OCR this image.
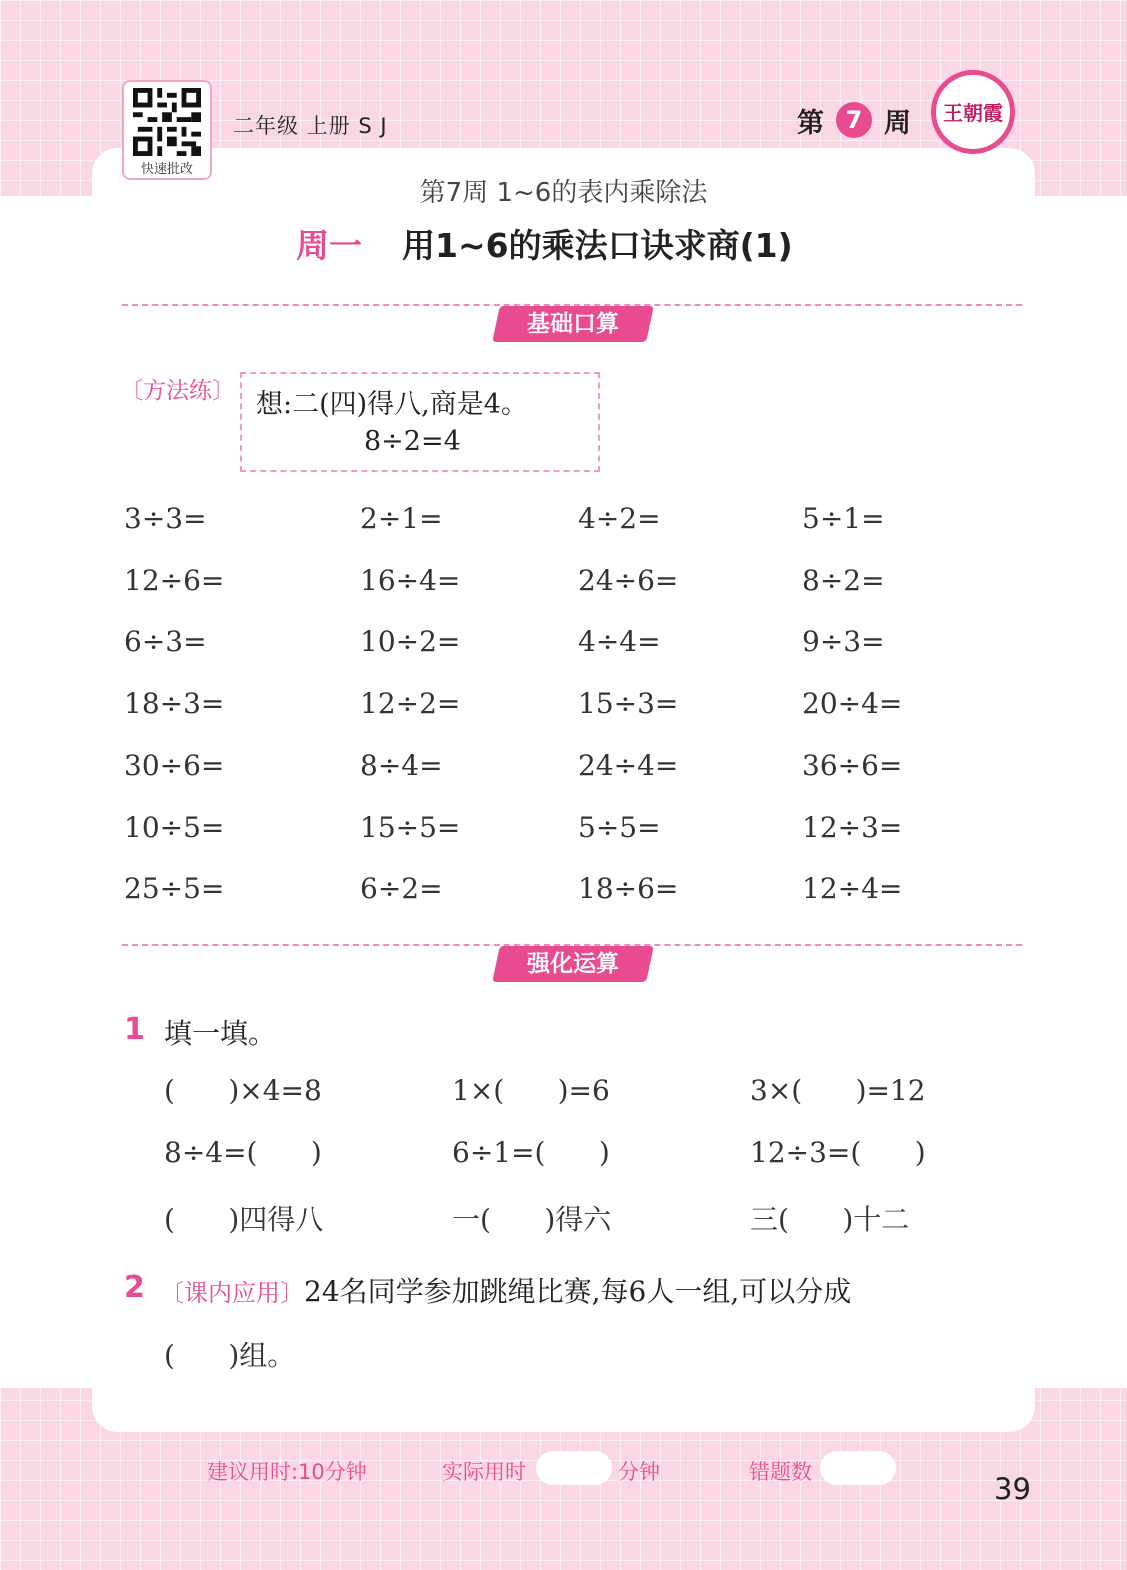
快速批改
二年级 上册 S J	第 7 周	王朝霞
第7周 1~6的表内乘除法
周一 用1~6的乘法口诀求商(1)
基础口算
〔方法练〕 想:二(四)得八,商是4。
8÷2=4
3÷3=	2÷1=	4÷2=	5÷1=
12÷6=	16÷4=	24÷6=	8÷2=
6÷3=	10÷2=	4÷4=	9÷3=
18÷3=	12÷2=	15÷3=	20÷4=
30÷6=	8÷4=	24÷4=	36÷6=
10÷5=	15÷5=	5÷5=	12÷3=
25÷5=	6÷2=	18÷6=	12÷4=
强化运算
1 填一填。
(      )×4=8	1×(      )=6	3×(      )=12
8÷4=(      )	6÷1=(      )	12÷3=(      )
(      )四得八	一(      )得六	三(      )十二
2 〔课内应用〕24名同学参加跳绳比赛,每6人一组,可以分成
(      )组。
建议用时:10分钟	实际用时	分钟	错题数	39
